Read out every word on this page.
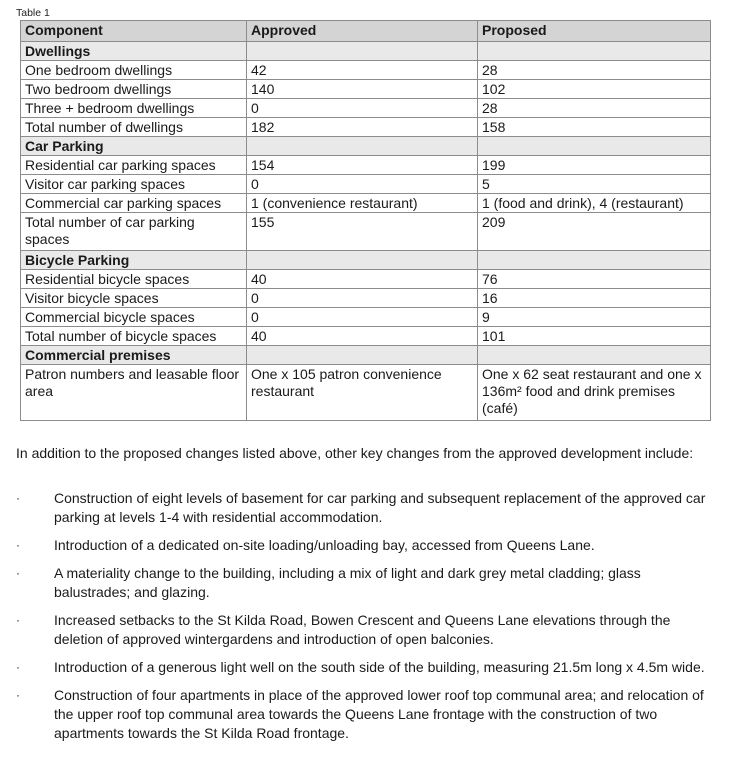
Table 1
Component	Approved	Proposed
Dwellings		
One bedroom dwellings	42	28
Two bedroom dwellings	140	102
Three + bedroom dwellings	0	28
Total number of dwellings	182	158
Car Parking		
Residential car parking spaces	154	199
Visitor car parking spaces	0	5
Commercial car parking spaces	1 (convenience restaurant)	1 (food and drink), 4 (restaurant)
Total number of car parking spaces	155	209
Bicycle Parking		
Residential bicycle spaces	40	76
Visitor bicycle spaces	0	16
Commercial bicycle spaces	0	9
Total number of bicycle spaces	40	101
Commercial premises		
Patron numbers and leasable floor area	One x 105 patron convenience restaurant	One x 62 seat restaurant and one x 136m² food and drink premises (café)

In addition to the proposed changes listed above, other key changes from the approved development include:

·	Construction of eight levels of basement for car parking and subsequent replacement of the approved car parking at levels 1-4 with residential accommodation.
·	Introduction of a dedicated on-site loading/unloading bay, accessed from Queens Lane.
·	A materiality change to the building, including a mix of light and dark grey metal cladding; glass balustrades; and glazing.
·	Increased setbacks to the St Kilda Road, Bowen Crescent and Queens Lane elevations through the deletion of approved wintergardens and introduction of open balconies.
·	Introduction of a generous light well on the south side of the building, measuring 21.5m long x 4.5m wide.
·	Construction of four apartments in place of the approved lower roof top communal area; and relocation of the upper roof top communal area towards the Queens Lane frontage with the construction of two apartments towards the St Kilda Road frontage.
